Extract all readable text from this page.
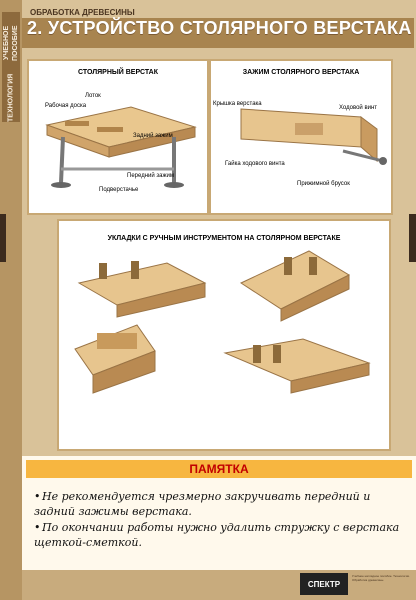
ТЕХНОЛОГИЯ
УЧЕБНОЕ ПОСОБИЕ
ОБРАБОТКА ДРЕВЕСИНЫ
2. УСТРОЙСТВО СТОЛЯРНОГО ВЕРСТАКА
СТОЛЯРНЫЙ ВЕРСТАК
Лоток
Рабочая доска
Задний зажим
Передний зажим
Подверстачье
ЗАЖИМ СТОЛЯРНОГО ВЕРСТАКА
Крышка верстака
Ходовой винт
Гайка ходового винта
Прижимной брусок
УКЛАДКИ С РУЧНЫМ ИНСТРУМЕНТОМ НА СТОЛЯРНОМ ВЕРСТАКЕ
ПАМЯТКА
• Не рекомендуется чрезмерно закручивать передний и задний зажимы верстака.
• По окончании работы нужно удалить стружку с верстака щеткой-сметкой.
СПЕКТР
Учебное наглядное пособие. Технология. Обработка древесины.
